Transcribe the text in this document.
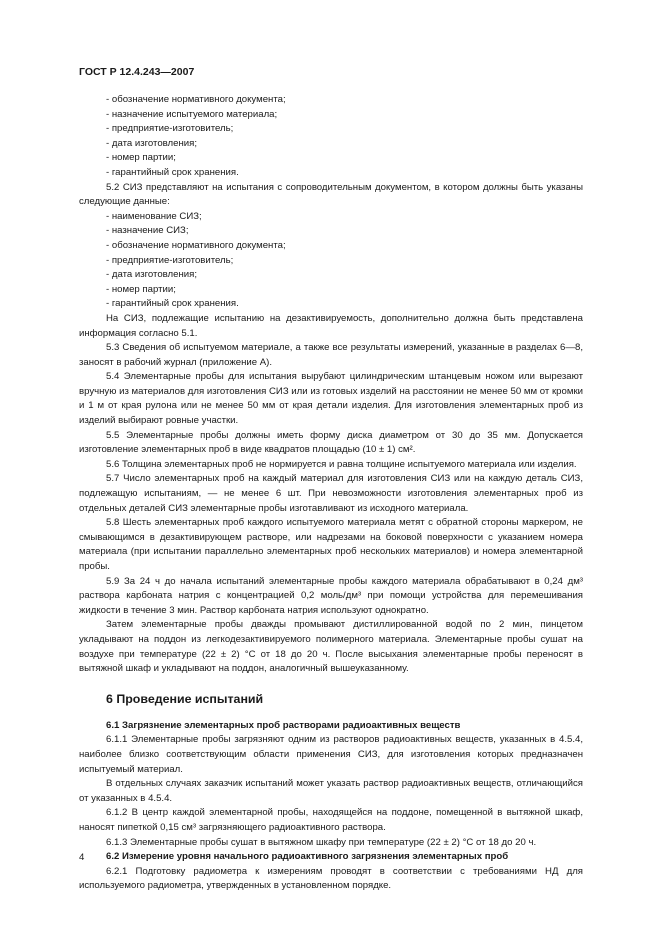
ГОСТ Р 12.4.243—2007

- обозначение нормативного документа;

- назначение испытуемого материала;

- предприятие-изготовитель;

- дата изготовления;

- номер партии;

- гарантийный срок хранения.

5.2 СИЗ представляют на испытания с сопроводительным документом, в котором должны быть указаны следующие данные:

- наименование СИЗ;

- назначение СИЗ;

- обозначение нормативного документа;

- предприятие-изготовитель;

- дата изготовления;

- номер партии;

- гарантийный срок хранения.

На СИЗ, подлежащие испытанию на дезактивируемость, дополнительно должна быть представлена информация согласно 5.1.

5.3 Сведения об испытуемом материале, а также все результаты измерений, указанные в разделах 6—8, заносят в рабочий журнал (приложение А).

5.4 Элементарные пробы для испытания вырубают цилиндрическим штанцевым ножом или вырезают вручную из материалов для изготовления СИЗ или из готовых изделий на расстоянии не менее 50 мм от кромки и 1 м от края рулона или не менее 50 мм от края детали изделия. Для изготовления элементарных проб из изделий выбирают ровные участки.

5.5 Элементарные пробы должны иметь форму диска диаметром от 30 до 35 мм. Допускается изготовление элементарных проб в виде квадратов площадью (10 ± 1) см².

5.6 Толщина элементарных проб не нормируется и равна толщине испытуемого материала или изделия.

5.7 Число элементарных проб на каждый материал для изготовления СИЗ или на каждую деталь СИЗ, подлежащую испытаниям, — не менее 6 шт. При невозможности изготовления элементарных проб из отдельных деталей СИЗ элементарные пробы изготавливают из исходного материала.

5.8 Шесть элементарных проб каждого испытуемого материала метят с обратной стороны маркером, не смывающимся в дезактивирующем растворе, или надрезами на боковой поверхности с указанием номера материала (при испытании параллельно элементарных проб нескольких материалов) и номера элементарной пробы.

5.9 За 24 ч до начала испытаний элементарные пробы каждого материала обрабатывают в 0,24 дм³ раствора карбоната натрия с концентрацией 0,2 моль/дм³ при помощи устройства для перемешивания жидкости в течение 3 мин. Раствор карбоната натрия используют однократно.

Затем элементарные пробы дважды промывают дистиллированной водой по 2 мин, пинцетом укладывают на поддон из легкодезактивируемого полимерного материала. Элементарные пробы сушат на воздухе при температуре (22 ± 2) °С от 18 до 20 ч. После высыхания элементарные пробы переносят в вытяжной шкаф и укладывают на поддон, аналогичный вышеуказанному.

6 Проведение испытаний

6.1 Загрязнение элементарных проб растворами радиоактивных веществ

6.1.1 Элементарные пробы загрязняют одним из растворов радиоактивных веществ, указанных в 4.5.4, наиболее близко соответствующим области применения СИЗ, для изготовления которых предназначен испытуемый материал.

В отдельных случаях заказчик испытаний может указать раствор радиоактивных веществ, отличающийся от указанных в 4.5.4.

6.1.2 В центр каждой элементарной пробы, находящейся на поддоне, помещенной в вытяжной шкаф, наносят пипеткой 0,15 см³ загрязняющего радиоактивного раствора.

6.1.3 Элементарные пробы сушат в вытяжном шкафу при температуре (22 ± 2) °С от 18 до 20 ч.

6.2 Измерение уровня начального радиоактивного загрязнения элементарных проб

6.2.1 Подготовку радиометра к измерениям проводят в соответствии с требованиями НД для используемого радиометра, утвержденных в установленном порядке.

4
